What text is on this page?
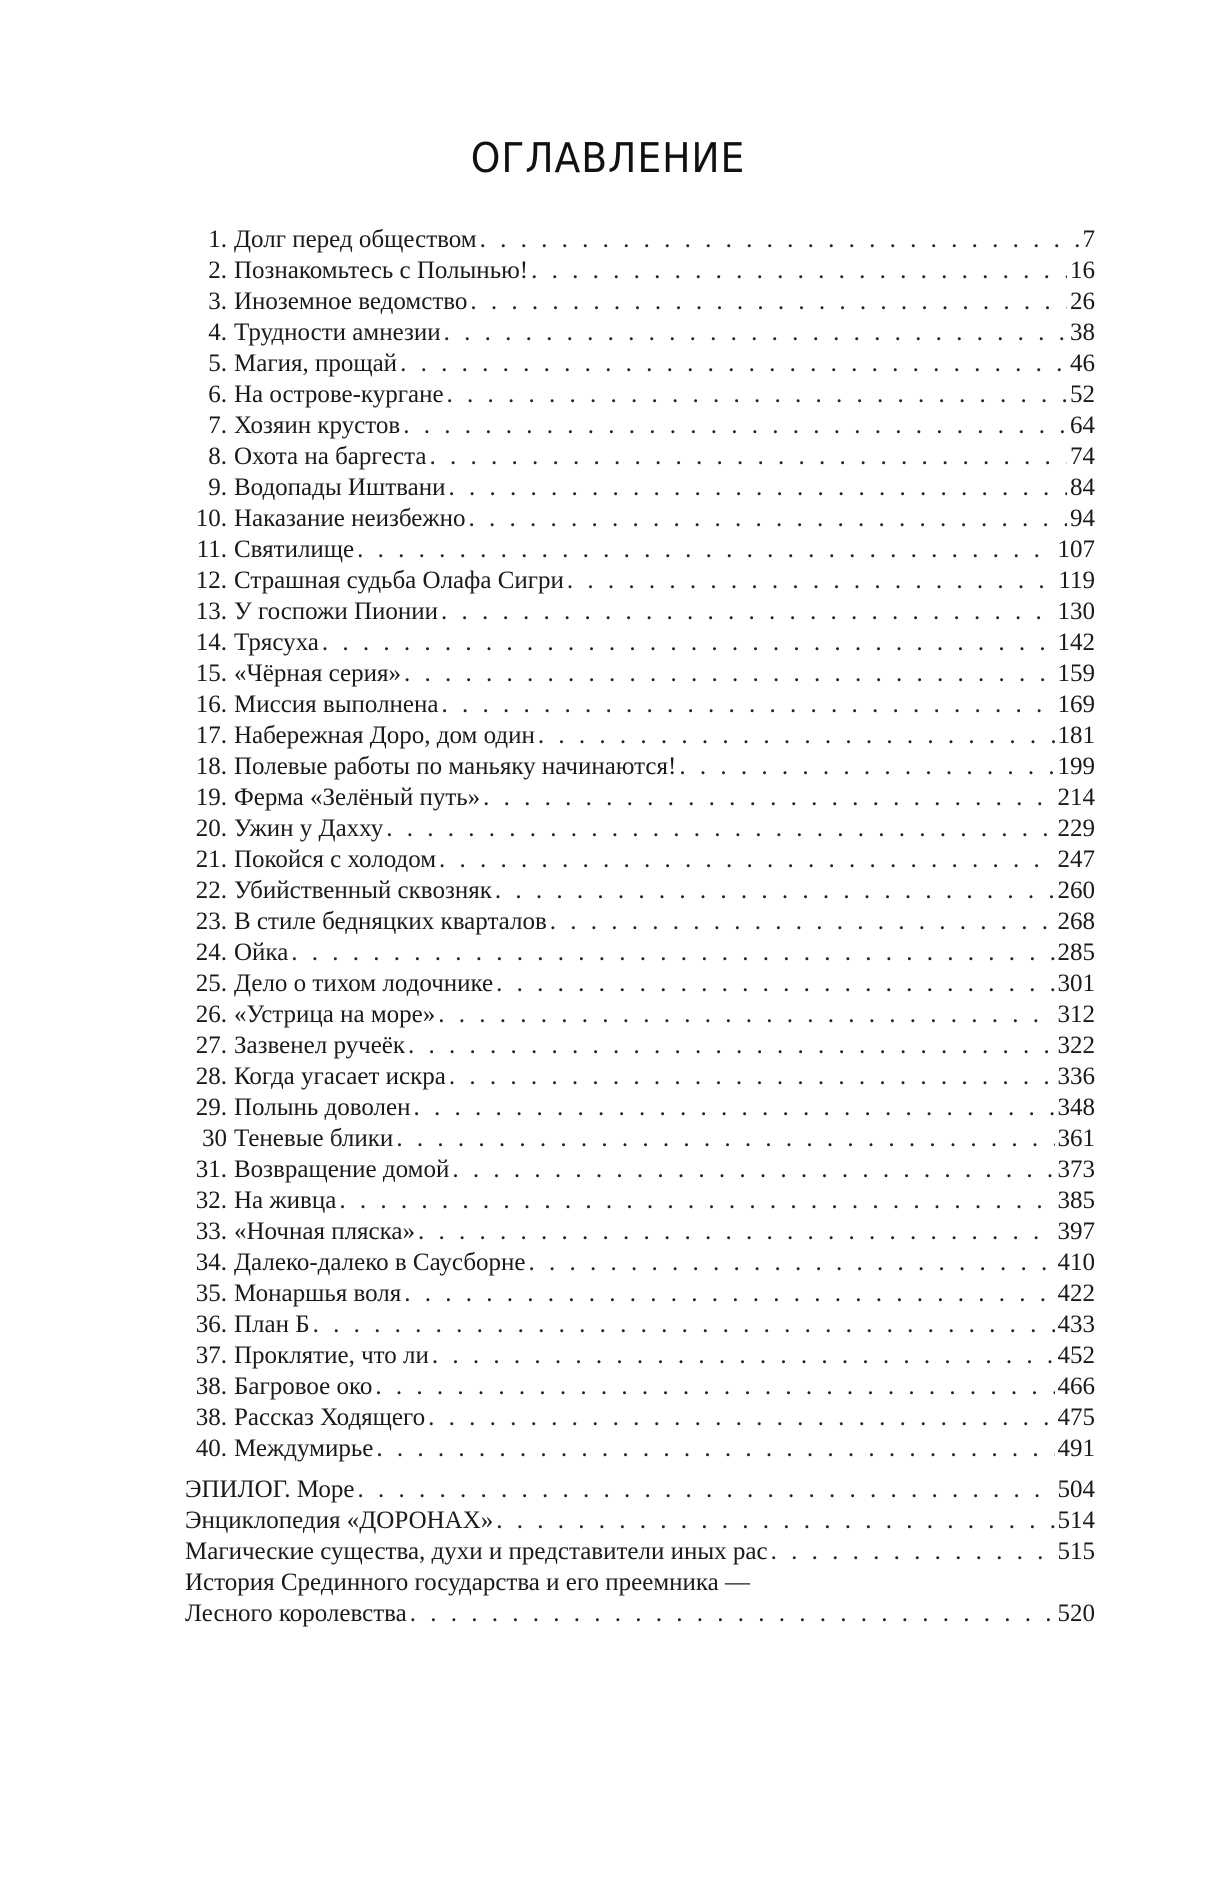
ОГЛАВЛЕНИЕ
1. Долг перед обществом . . .	7
2. Познакомьтесь с Полынью! . . .	16
3. Иноземное ведомство . . .	26
4. Трудности амнезии . . .	38
5. Магия, прощай . . .	46
6. На острове-кургане . . .	52
7. Хозяин крустов . . .	64
8. Охота на баргеста . . .	74
9. Водопады Иштвани . . .	84
10. Наказание неизбежно . . .	94
11. Святилище . . .	107
12. Страшная судьба Олафа Сигри . . .	119
13. У госпожи Пионии . . .	130
14. Трясуха . . .	142
15. «Чёрная серия» . . .	159
16. Миссия выполнена . . .	169
17. Набережная Доро, дом один . . .	181
18. Полевые работы по маньяку начинаются! . . .	199
19. Ферма «Зелёный путь» . . .	214
20. Ужин у Дахху . . .	229
21. Покойся с холодом . . .	247
22. Убийственный сквозняк . . .	260
23. В стиле бедняцких кварталов . . .	268
24. Ойка . . .	285
25. Дело о тихом лодочнике . . .	301
26. «Устрица на море» . . .	312
27. Зазвенел ручеёк . . .	322
28. Когда угасает искра . . .	336
29. Полынь доволен . . .	348
30 Теневые блики . . .	361
31. Возвращение домой . . .	373
32. На живца . . .	385
33. «Ночная пляска» . . .	397
34. Далеко-далеко в Саусборне . . .	410
35. Монаршья воля . . .	422
36. План Б . . .	433
37. Проклятие, что ли . . .	452
38. Багровое око . . .	466
38. Рассказ Ходящего . . .	475
40. Междумирье . . .	491
ЭПИЛОГ. Море . . .	504
Энциклопедия «ДОРОНАХ» . . .	514
Магические существа, духи и представители иных рас . . .	515
История Срединного государства и его преемника —
Лесного королевства . . .	520
